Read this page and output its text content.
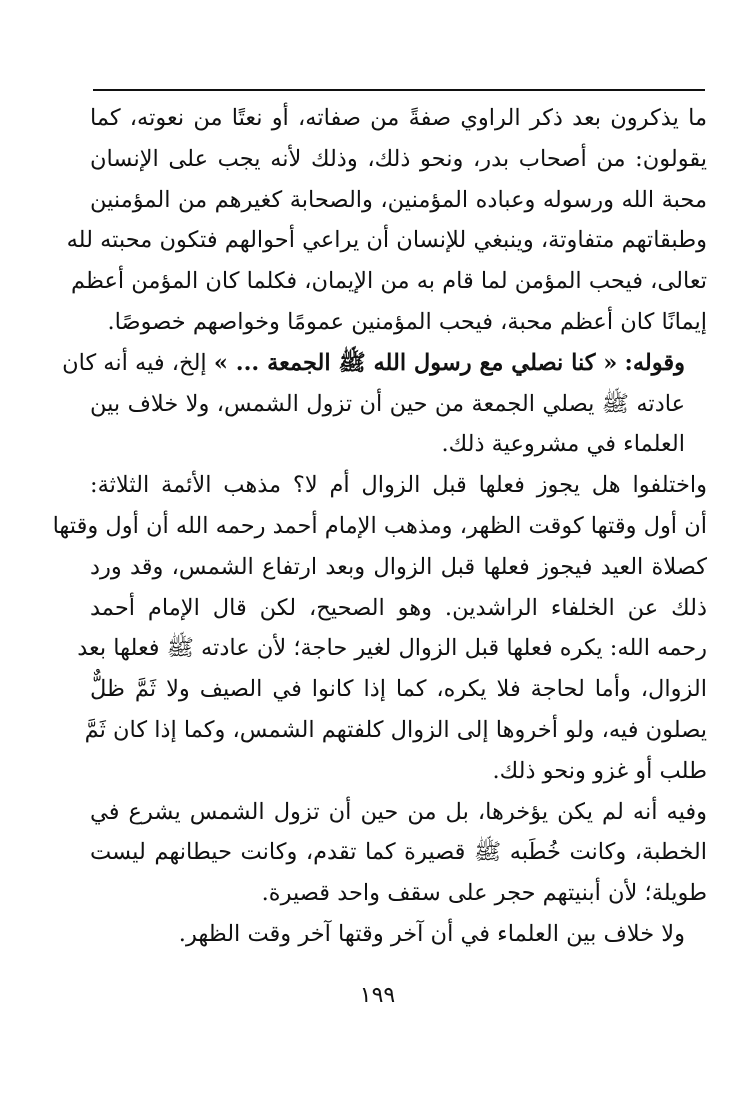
ما يذكرون بعد ذكر الراوي صفةً من صفاته، أو نعتًا من نعوته، كما
يقولون: من أصحاب بدر، ونحو ذلك، وذلك لأنه يجب على الإنسان
محبة الله ورسوله وعباده المؤمنين، والصحابة كغيرهم من المؤمنين
وطبقاتهم متفاوتة، وينبغي للإنسان أن يراعي أحوالهم فتكون محبته لله
تعالى، فيحب المؤمن لما قام به من الإيمان، فكلما كان المؤمن أعظم
إيمانًا كان أعظم محبة، فيحب المؤمنين عمومًا وخواصهم خصوصًا.

وقوله: « كنا نصلي مع رسول الله ﷺ الجمعة ... » إلخ، فيه أنه كان
عادته ﷺ يصلي الجمعة من حين أن تزول الشمس، ولا خلاف بين
العلماء في مشروعية ذلك.

واختلفوا هل يجوز فعلها قبل الزوال أم لا؟ مذهب الأئمة الثلاثة:
أن أول وقتها كوقت الظهر، ومذهب الإمام أحمد رحمه الله أن أول وقتها
كصلاة العيد فيجوز فعلها قبل الزوال وبعد ارتفاع الشمس، وقد ورد
ذلك عن الخلفاء الراشدين. وهو الصحيح، لكن قال الإمام أحمد
رحمه الله: يكره فعلها قبل الزوال لغير حاجة؛ لأن عادته ﷺ فعلها بعد
الزوال، وأما لحاجة فلا يكره، كما إذا كانوا في الصيف ولا ثَمَّ ظلٌّ
يصلون فيه، ولو أخروها إلى الزوال كلفتهم الشمس، وكما إذا كان ثَمَّ
طلب أو غزو ونحو ذلك.

وفيه أنه لم يكن يؤخرها، بل من حين أن تزول الشمس يشرع في
الخطبة، وكانت خُطَبه ﷺ قصيرة كما تقدم، وكانت حيطانهم ليست
طويلة؛ لأن أبنيتهم حجر على سقف واحد قصيرة.

ولا خلاف بين العلماء في أن آخر وقتها آخر وقت الظهر.

١٩٩
